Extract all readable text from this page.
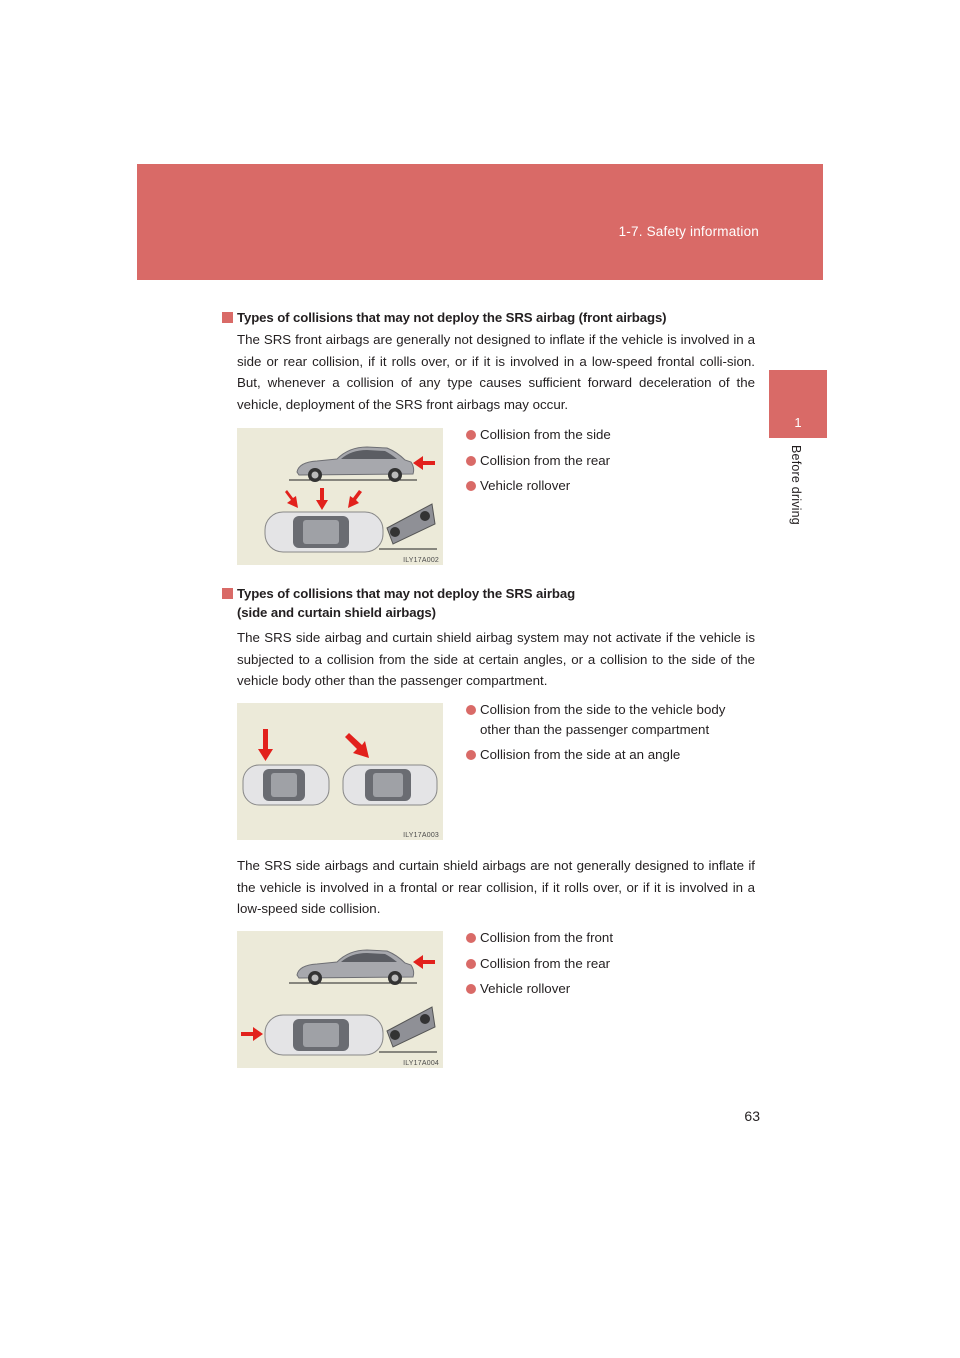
1-7. Safety information
1
Before driving
Types of collisions that may not deploy the SRS airbag (front airbags)
The SRS front airbags are generally not designed to inflate if the vehicle is involved in a side or rear collision, if it rolls over, or if it is involved in a low-speed frontal colli-sion. But, whenever a collision of any type causes sufficient forward deceleration of the vehicle, deployment of the SRS front airbags may occur.
ILY17A002
Collision from the side
Collision from the rear
Vehicle rollover
Types of collisions that may not deploy the SRS airbag
(side and curtain shield airbags)
The SRS side airbag and curtain shield airbag system may not activate if the vehicle is subjected to a collision from the side at certain angles, or a collision to the side of the vehicle body other than the passenger compartment.
ILY17A003
Collision from the side to the vehicle body other than the passenger compartment
Collision from the side at an angle
The SRS side airbags and curtain shield airbags are not generally designed to inflate if the vehicle is involved in a frontal or rear collision, if it rolls over, or if it is involved in a low-speed side collision.
ILY17A004
Collision from the front
Collision from the rear
Vehicle rollover
63
